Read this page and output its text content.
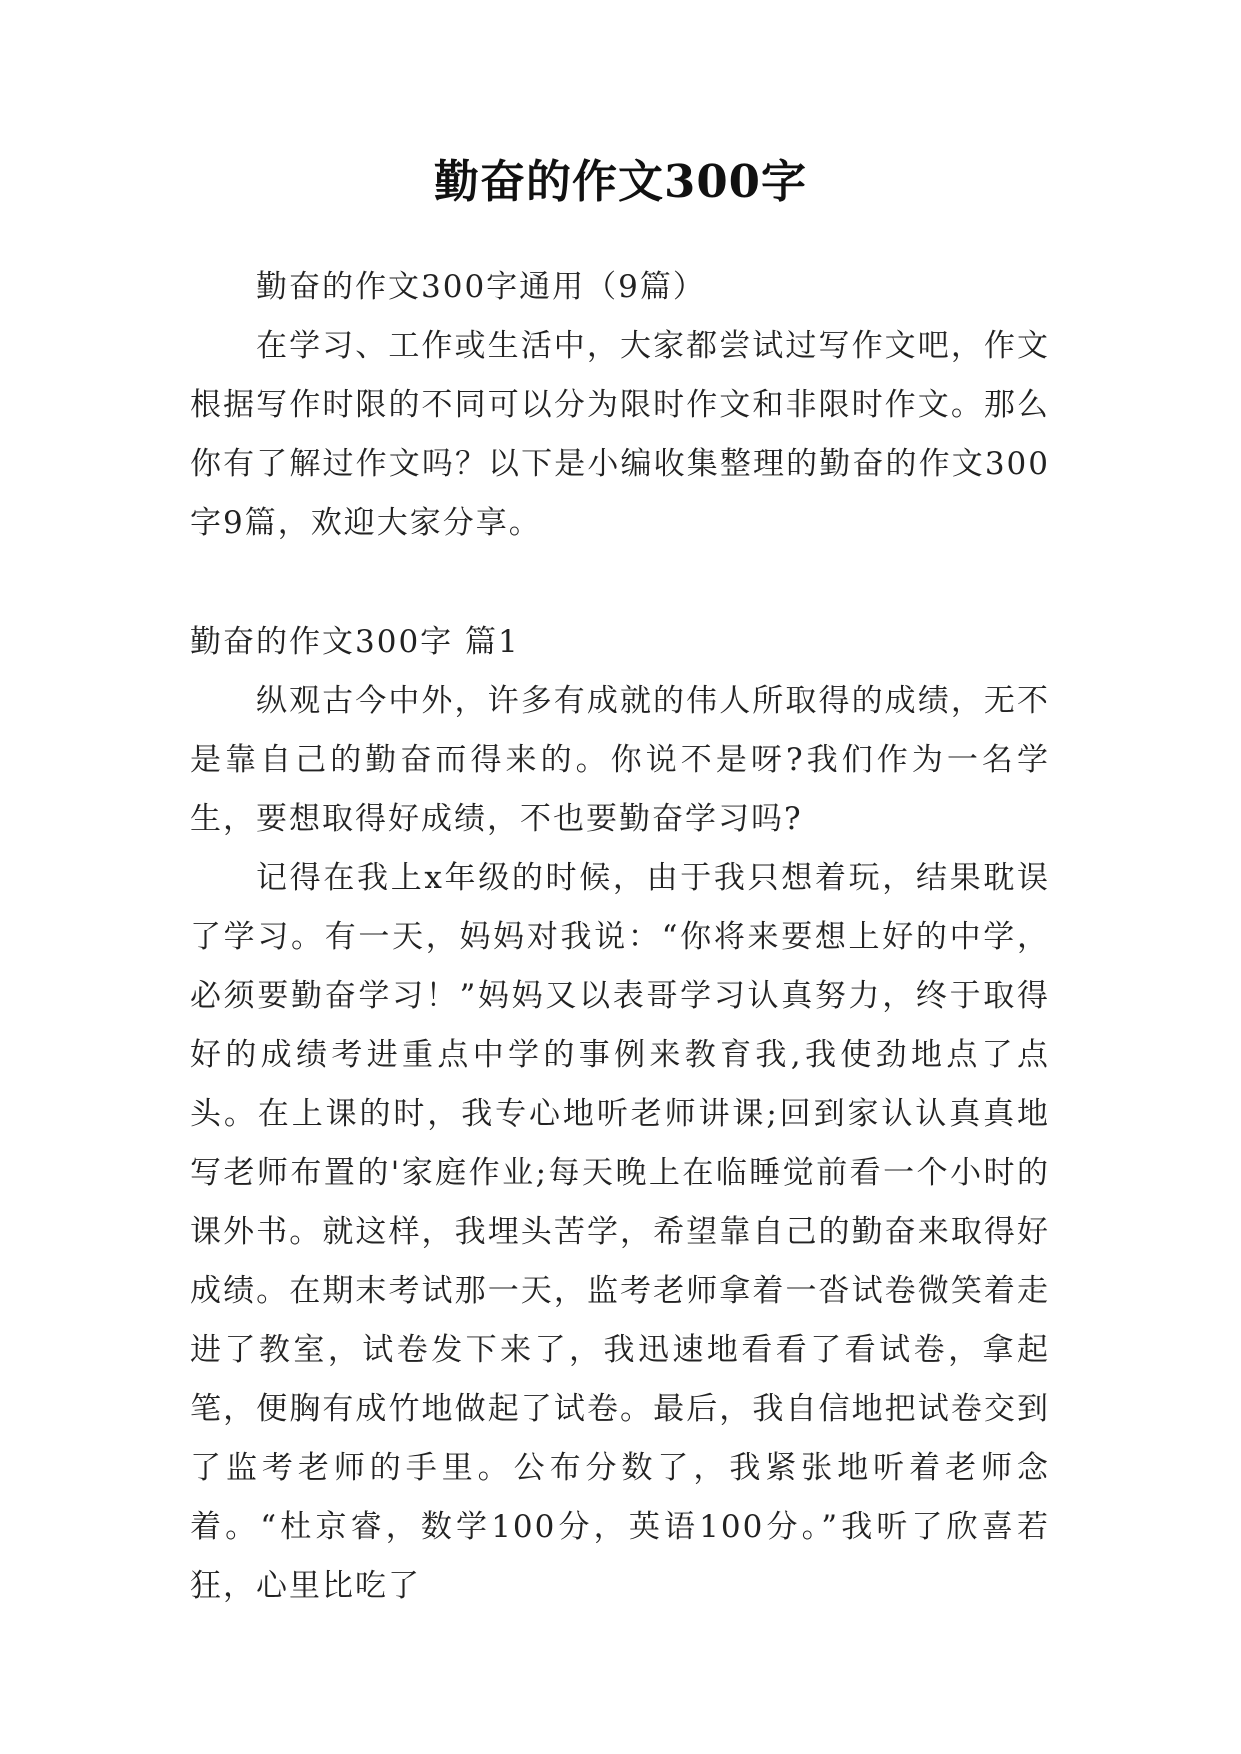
勤奋的作文300字

勤奋的作文300字通用（9篇）

在学习、工作或生活中，大家都尝试过写作文吧，作文根据写作时限的不同可以分为限时作文和非限时作文。那么你有了解过作文吗？以下是小编收集整理的勤奋的作文300字9篇，欢迎大家分享。

勤奋的作文300字 篇1

纵观古今中外，许多有成就的伟人所取得的成绩，无不是靠自己的勤奋而得来的。你说不是呀?我们作为一名学生，要想取得好成绩，不也要勤奋学习吗?

记得在我上x年级的时候，由于我只想着玩，结果耽误了学习。有一天，妈妈对我说：“你将来要想上好的中学，必须要勤奋学习！”妈妈又以表哥学习认真努力，终于取得好的成绩考进重点中学的事例来教育我,我使劲地点了点头。在上课的时，我专心地听老师讲课;回到家认认真真地写老师布置的'家庭作业;每天晚上在临睡觉前看一个小时的课外书。就这样，我埋头苦学，希望靠自己的勤奋来取得好成绩。在期末考试那一天，监考老师拿着一沓试卷微笑着走进了教室，试卷发下来了，我迅速地看看了看试卷，拿起笔，便胸有成竹地做起了试卷。最后，我自信地把试卷交到了监考老师的手里。公布分数了，我紧张地听着老师念着。“杜京睿，数学100分，英语100分。”我听了欣喜若狂，心里比吃了
